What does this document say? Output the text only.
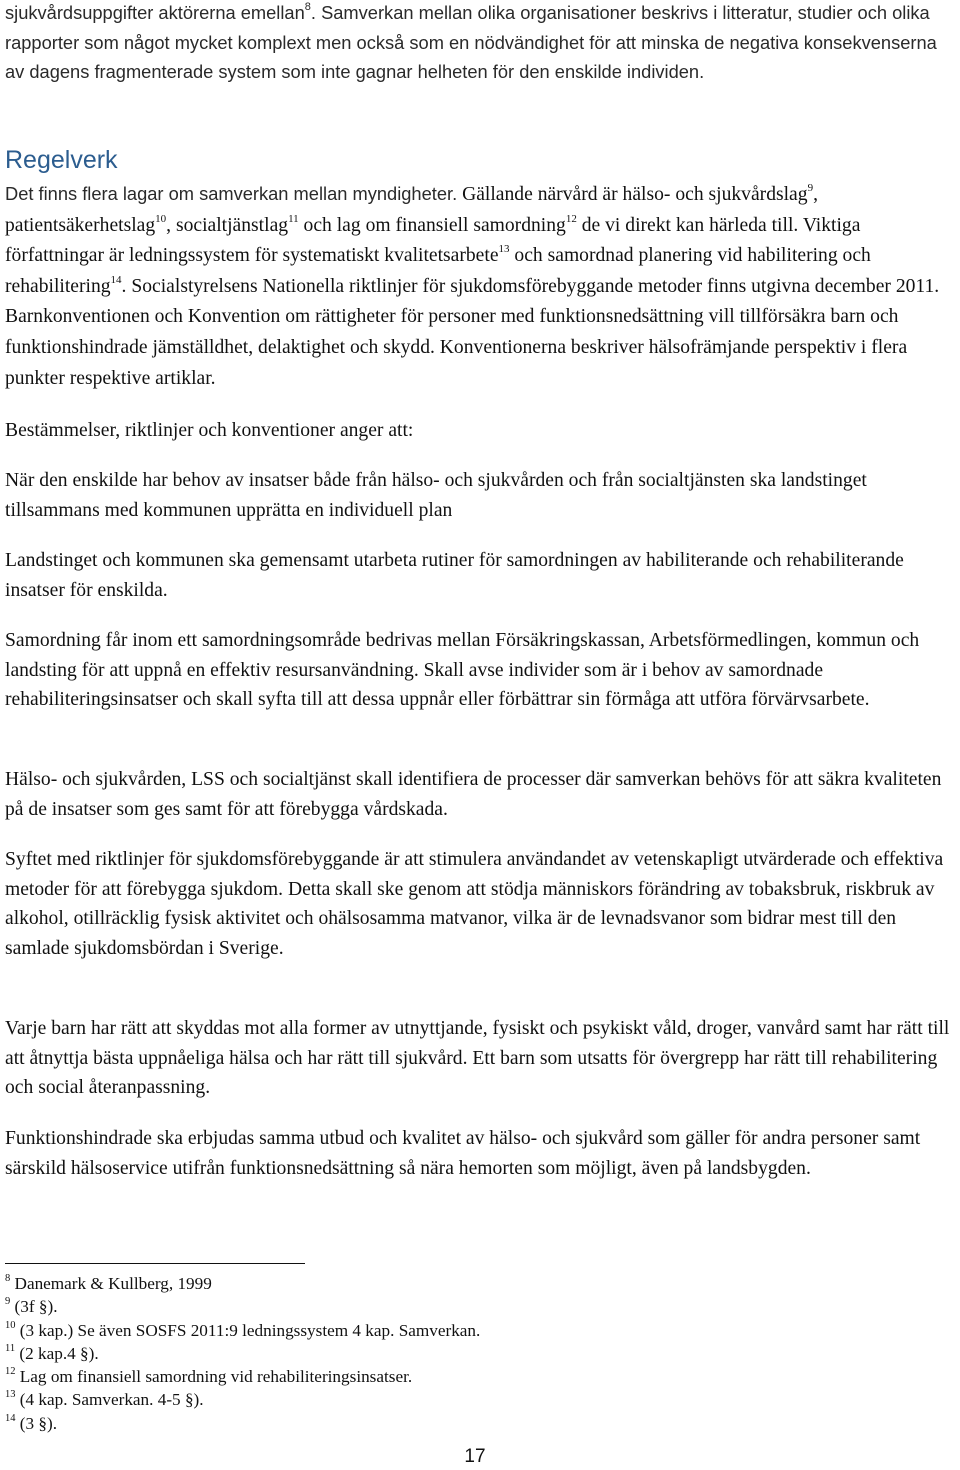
sjukvårdsuppgifter aktörerna emellan$^8$. Samverkan mellan olika organisationer beskrivs i litteratur, studier och olika rapporter som något mycket komplext men också som en nödvändighet för att minska de negativa konsekvenserna av dagens fragmenterade system som inte gagnar helheten för den enskilde individen.

Regelverk

Det finns flera lagar om samverkan mellan myndigheter. Gällande närvård är hälso- och sjukvårdslag$^9$, patientsäkerhetslag$^{10}$, socialtjänstlag$^{11}$ och lag om finansiell samordning$^{12}$ de vi direkt kan härleda till. Viktiga författningar är ledningssystem för systematiskt kvalitetsarbete$^{13}$ och samordnad planering vid habilitering och rehabilitering$^{14}$. Socialstyrelsens Nationella riktlinjer för sjukdomsförebyggande metoder finns utgivna december 2011. Barnkonventionen och Konvention om rättigheter för personer med funktionsnedsättning vill tillförsäkra barn och funktionshindrade jämställdhet, delaktighet och skydd. Konventionerna beskriver hälsofrämjande perspektiv i flera punkter respektive artiklar.

Bestämmelser, riktlinjer och konventioner anger att:

När den enskilde har behov av insatser både från hälso- och sjukvården och från socialtjänsten ska landstinget tillsammans med kommunen upprätta en individuell plan

Landstinget och kommunen ska gemensamt utarbeta rutiner för samordningen av habiliterande och rehabiliterande insatser för enskilda.

Samordning får inom ett samordningsområde bedrivas mellan Försäkringskassan, Arbetsförmedlingen, kommun och landsting för att uppnå en effektiv resursanvändning. Skall avse individer som är i behov av samordnade rehabiliteringsinsatser och skall syfta till att dessa uppnår eller förbättrar sin förmåga att utföra förvärvsarbete.

Hälso- och sjukvården, LSS och socialtjänst skall identifiera de processer där samverkan behövs för att säkra kvaliteten på de insatser som ges samt för att förebygga vårdskada.

Syftet med riktlinjer för sjukdomsförebyggande är att stimulera användandet av vetenskapligt utvärderade och effektiva metoder för att förebygga sjukdom. Detta skall ske genom att stödja människors förändring av tobaksbruk, riskbruk av alkohol, otillräcklig fysisk aktivitet och ohälsosamma matvanor, vilka är de levnadsvanor som bidrar mest till den samlade sjukdomsbördan i Sverige.

Varje barn har rätt att skyddas mot alla former av utnyttjande, fysiskt och psykiskt våld, droger, vanvård samt har rätt till att åtnyttja bästa uppnåeliga hälsa och har rätt till sjukvård. Ett barn som utsatts för övergrepp har rätt till rehabilitering och social återanpassning.

Funktionshindrade ska erbjudas samma utbud och kvalitet av hälso- och sjukvård som gäller för andra personer samt särskild hälsoservice utifrån funktionsnedsättning så nära hemorten som möjligt, även på landsbygden.

$^8$ Danemark & Kullberg, 1999
$^9$ (3f §).
$^{10}$ (3 kap.) Se även SOSFS 2011:9 ledningssystem 4 kap. Samverkan.
$^{11}$ (2 kap.4 §).
$^{12}$ Lag om finansiell samordning vid rehabiliteringsinsatser.
$^{13}$ (4 kap. Samverkan. 4-5 §).
$^{14}$ (3 §).
17
